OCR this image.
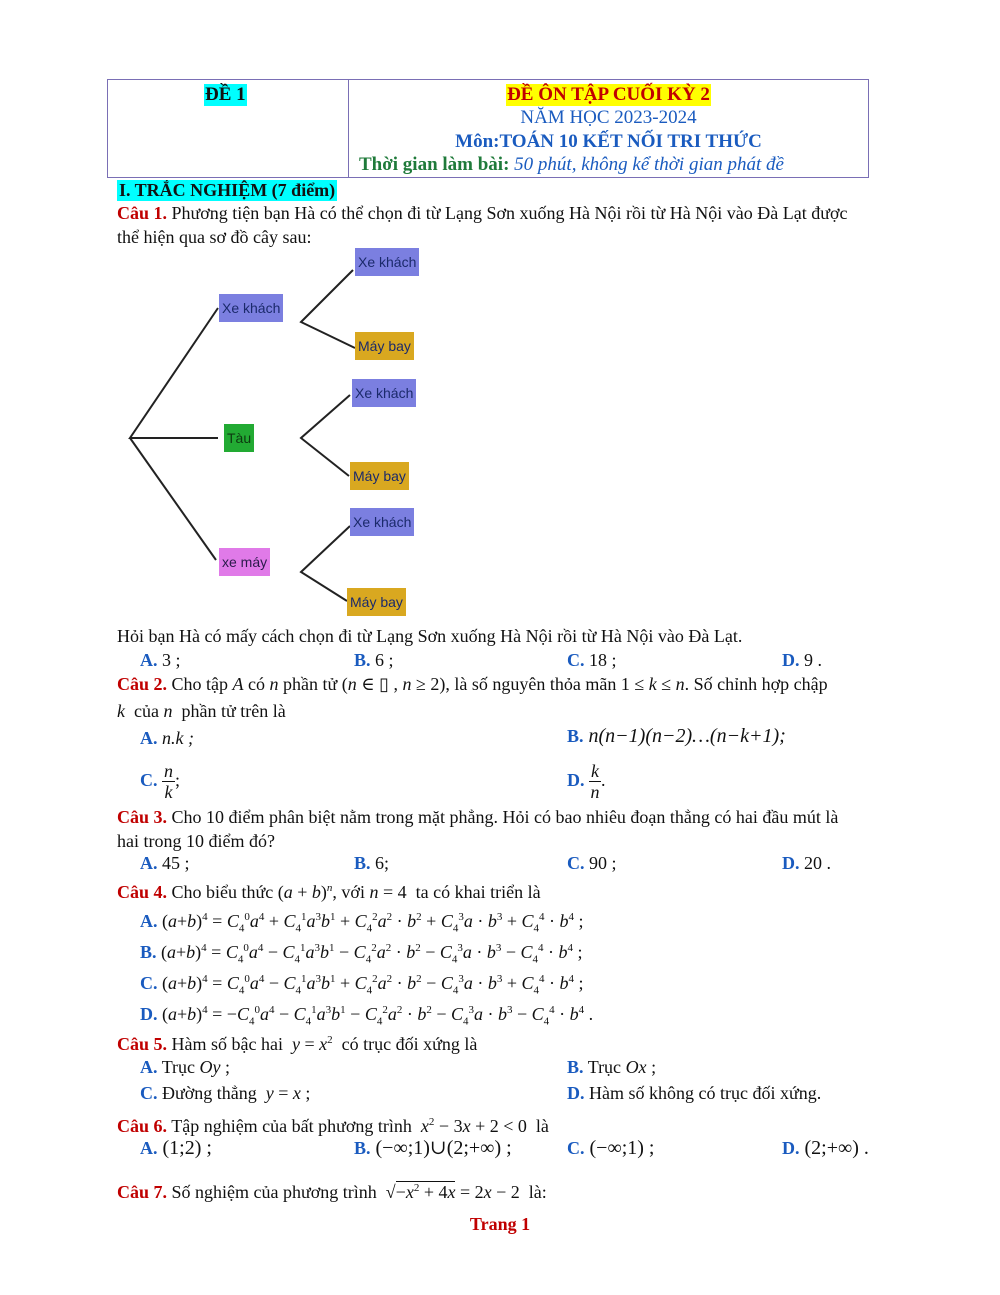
ĐỀ 1	ĐỀ ÔN TẬP CUỐI KỲ 2
NĂM HỌC 2023-2024
Môn:TOÁN 10 KẾT NỐI TRI THỨC
Thời gian làm bài: 50 phút, không kể thời gian phát đề
I. TRẮC NGHIỆM (7 điểm)
Câu 1. Phương tiện bạn Hà có thể chọn đi từ Lạng Sơn xuống Hà Nội rồi từ Hà Nội vào Đà Lạt được
thể hiện qua sơ đồ cây sau:
Xe khách
Tàu
xe máy
Xe khách
Máy bay
Xe khách
Máy bay
Xe khách
Máy bay
Hỏi bạn Hà có mấy cách chọn đi từ Lạng Sơn xuống Hà Nội rồi từ Hà Nội vào Đà Lạt.
A. 3 ;	B. 6 ;	C. 18 ;	D. 9 .
Câu 2. Cho tập A có n phần tử (n ∈ ▯ , n ≥ 2), là số nguyên thỏa mãn 1 ≤ k ≤ n. Số chỉnh hợp chập
k của n phần tử trên là
A. n.k ;	B. n(n−1)(n−2)…(n−k+1);
C. $\frac{n}{k}$ ;	D. $\frac{k}{n}$ .
Câu 3. Cho 10 điểm phân biệt nằm trong mặt phẳng. Hỏi có bao nhiêu đoạn thẳng có hai đầu mút là
hai trong 10 điểm đó?
A. 45 ;	B. 6;	C. 90 ;	D. 20 .
Câu 4. Cho biểu thức $(a + b)^n$, với n = 4  ta có khai triển là
A. $(a+b)^4 = C_4^0a^4 + C_4^1a^3b^1 + C_4^2a^2 \cdot b^2 + C_4^3a \cdot b^3 + C_4^4 \cdot b^4$ ;
B. $(a+b)^4 = C_4^0a^4 - C_4^1a^3b^1 - C_4^2a^2 \cdot b^2 - C_4^3a \cdot b^3 - C_4^4 \cdot b^4$ ;
C. $(a+b)^4 = C_4^0a^4 - C_4^1a^3b^1 + C_4^2a^2 \cdot b^2 - C_4^3a \cdot b^3 + C_4^4 \cdot b^4$ ;
D. $(a+b)^4 = -C_4^0a^4 - C_4^1a^3b^1 - C_4^2a^2 \cdot b^2 - C_4^3a \cdot b^3 - C_4^4 \cdot b^4$ .
Câu 5. Hàm số bậc hai $y = x^2$ có trục đối xứng là
A. Trục Oy ;	B. Trục Ox ;
C. Đường thẳng y = x ;	D. Hàm số không có trục đối xứng.
Câu 6. Tập nghiệm của bất phương trình $x^2 - 3x + 2 < 0$  là
A. (1;2) ;	B. (−∞;1)∪(2;+∞) ;	C. (−∞;1) ;	D. (2;+∞) .
Câu 7. Số nghiệm của phương trình  $√-x^2 + 4x = 2x - 2$  là:
Trang 1
